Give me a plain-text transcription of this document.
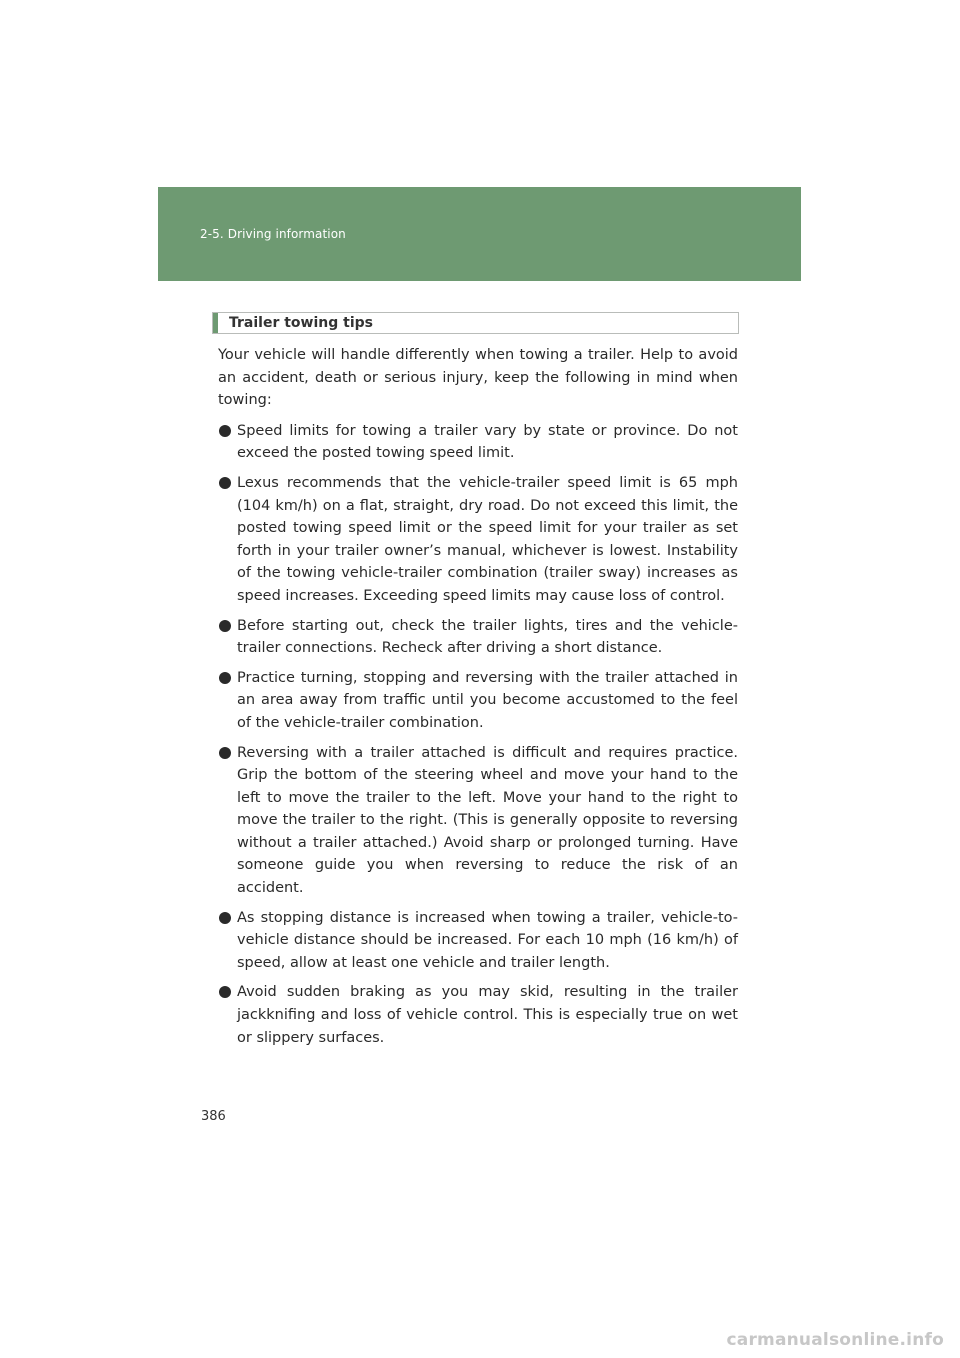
2-5. Driving information
Trailer towing tips

Your vehicle will handle differently when towing a trailer. Help to avoid an accident, death or serious injury, keep the following in mind when towing:

Speed limits for towing a trailer vary by state or province. Do not exceed the posted towing speed limit.
Lexus recommends that the vehicle-trailer speed limit is 65 mph (104 km/h) on a flat, straight, dry road. Do not exceed this limit, the posted towing speed limit or the speed limit for your trailer as set forth in your trailer owner’s manual, whichever is lowest. Instability of the towing vehicle-trailer combination (trailer sway) increases as speed increases. Exceeding speed limits may cause loss of control.
Before starting out, check the trailer lights, tires and the vehicle-trailer connections. Recheck after driving a short distance.
Practice turning, stopping and reversing with the trailer attached in an area away from traffic until you become accustomed to the feel of the vehicle-trailer combination.
Reversing with a trailer attached is difficult and requires practice. Grip the bottom of the steering wheel and move your hand to the left to move the trailer to the left. Move your hand to the right to move the trailer to the right. (This is generally opposite to reversing without a trailer attached.) Avoid sharp or prolonged turning. Have someone guide you when reversing to reduce the risk of an accident.
As stopping distance is increased when towing a trailer, vehicle-to-vehicle distance should be increased. For each 10 mph (16 km/h) of speed, allow at least one vehicle and trailer length.
Avoid sudden braking as you may skid, resulting in the trailer jackknifing and loss of vehicle control. This is especially true on wet or slippery surfaces.
386
carmanualsonline.info
